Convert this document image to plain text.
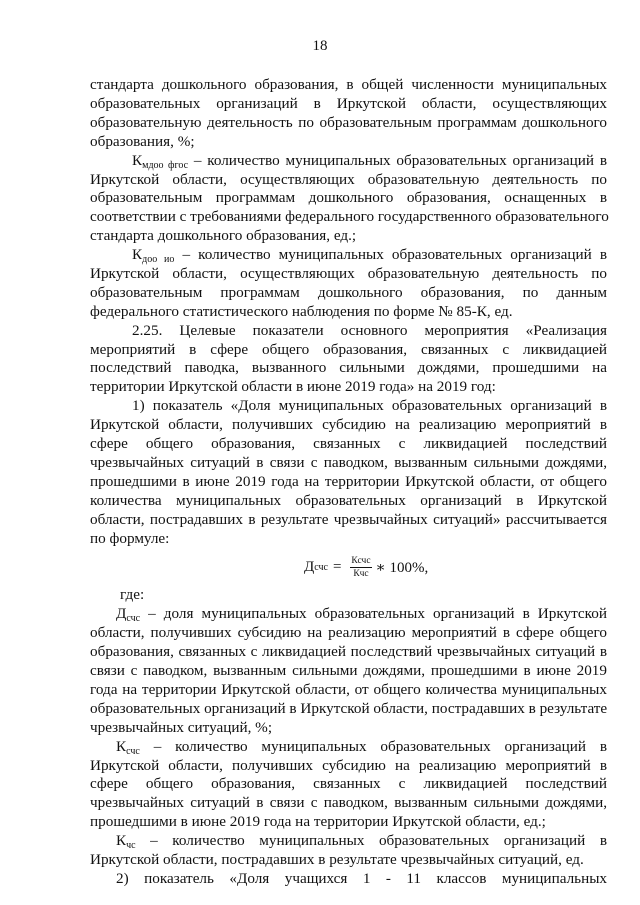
18
стандарта дошкольного образования, в общей численности муниципальных
образовательных организаций в Иркутской области, осуществляющих
образовательную деятельность по образовательным программам дошкольного
образования, %;
$К_{мдоо фгос}$ – количество муниципальных образовательных организаций в
Иркутской области, осуществляющих образовательную деятельность по
образовательным программам дошкольного образования, оснащенных в
соответствии с требованиями федерального государственного образовательного
стандарта дошкольного образования, ед.;
$К_{доо ио}$ – количество муниципальных образовательных организаций в
Иркутской области, осуществляющих образовательную деятельность по
образовательным программам дошкольного образования, по данным
федерального статистического наблюдения по форме № 85-К, ед.
2.25. Целевые показатели основного мероприятия «Реализация
мероприятий в сфере общего образования, связанных с ликвидацией
последствий паводка, вызванного сильными дождями, прошедшими на
территории Иркутской области в июне 2019 года» на 2019 год:
1) показатель «Доля муниципальных образовательных организаций в
Иркутской области, получивших субсидию на реализацию мероприятий в
сфере общего образования, связанных с ликвидацией последствий
чрезвычайных ситуаций в связи с паводком, вызванным сильными дождями,
прошедшими в июне 2019 года на территории Иркутской области, от общего
количества муниципальных образовательных организаций в Иркутской
области, пострадавших в результате чрезвычайных ситуаций» рассчитывается
по формуле:
Д счс = $\frac{\text{Ксчс}}{\text{Кчс}}$ ∗ 100%,
где:
$Д_{счс}$ – доля муниципальных образовательных организаций в Иркутской
области, получивших субсидию на реализацию мероприятий в сфере общего
образования, связанных с ликвидацией последствий чрезвычайных ситуаций в
связи с паводком, вызванным сильными дождями, прошедшими в июне 2019
года на территории Иркутской области, от общего количества муниципальных
образовательных организаций в Иркутской области, пострадавших в результате
чрезвычайных ситуаций, %;
$К_{счс}$ – количество муниципальных образовательных организаций в
Иркутской области, получивших субсидию на реализацию мероприятий в
сфере общего образования, связанных с ликвидацией последствий
чрезвычайных ситуаций в связи с паводком, вызванным сильными дождями,
прошедшими в июне 2019 года на территории Иркутской области, ед.;
$К_{чс}$ – количество муниципальных образовательных организаций в
Иркутской области, пострадавших в результате чрезвычайных ситуаций, ед.
2) показатель «Доля учащихся 1 - 11 классов муниципальных
